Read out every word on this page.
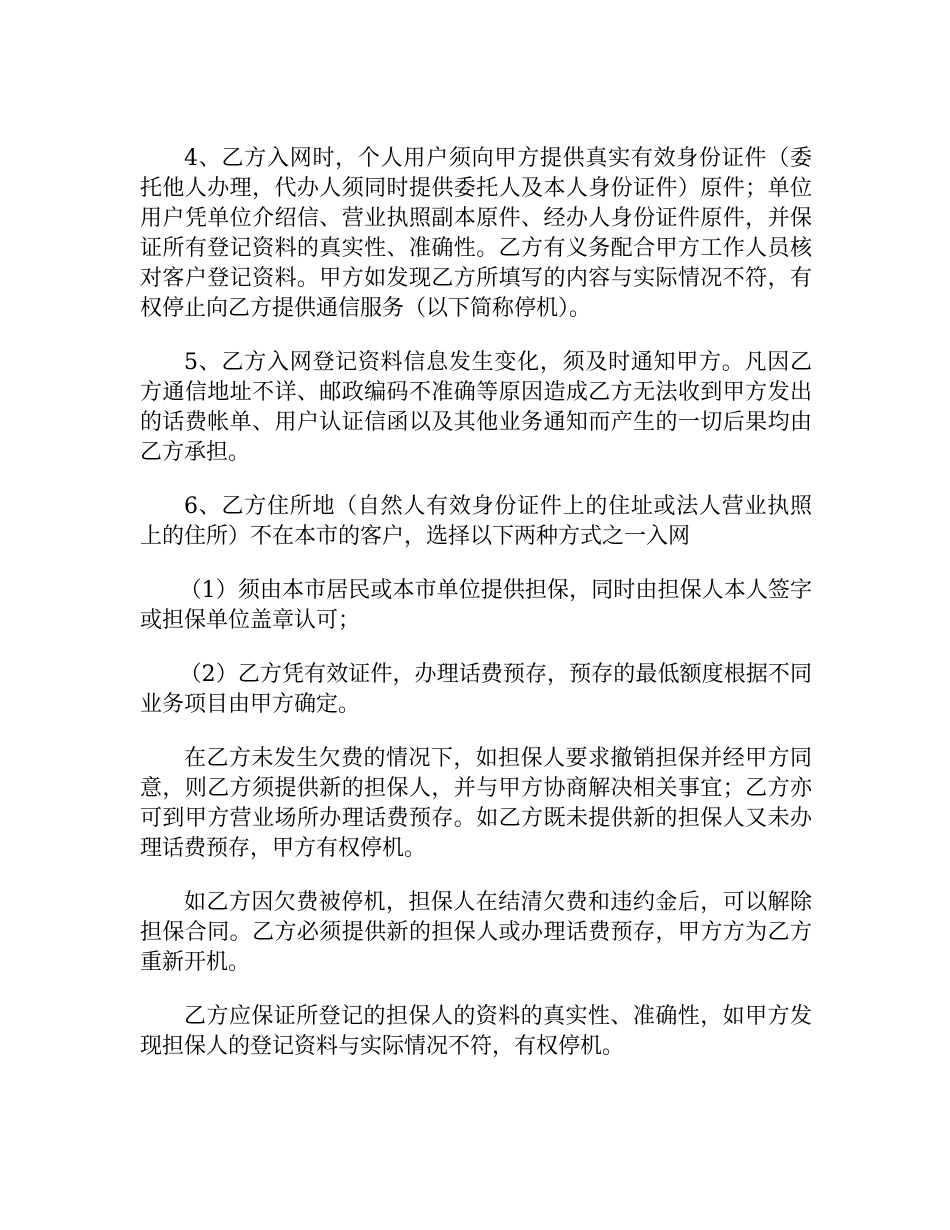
4、乙方入网时，个人用户须向甲方提供真实有效身份证件（委托他人办理，代办人须同时提供委托人及本人身份证件）原件；单位用户凭单位介绍信、营业执照副本原件、经办人身份证件原件，并保证所有登记资料的真实性、准确性。乙方有义务配合甲方工作人员核对客户登记资料。甲方如发现乙方所填写的内容与实际情况不符，有权停止向乙方提供通信服务（以下简称停机）。

5、乙方入网登记资料信息发生变化，须及时通知甲方。凡因乙方通信地址不详、邮政编码不准确等原因造成乙方无法收到甲方发出的话费帐单、用户认证信函以及其他业务通知而产生的一切后果均由乙方承担。

6、乙方住所地（自然人有效身份证件上的住址或法人营业执照上的住所）不在本市的客户，选择以下两种方式之一入网

（1）须由本市居民或本市单位提供担保，同时由担保人本人签字或担保单位盖章认可；

（2）乙方凭有效证件，办理话费预存，预存的最低额度根据不同业务项目由甲方确定。

在乙方未发生欠费的情况下，如担保人要求撤销担保并经甲方同意，则乙方须提供新的担保人，并与甲方协商解决相关事宜；乙方亦可到甲方营业场所办理话费预存。如乙方既未提供新的担保人又未办理话费预存，甲方有权停机。

如乙方因欠费被停机，担保人在结清欠费和违约金后，可以解除担保合同。乙方必须提供新的担保人或办理话费预存，甲方方为乙方重新开机。

乙方应保证所登记的担保人的资料的真实性、准确性，如甲方发现担保人的登记资料与实际情况不符，有权停机。
